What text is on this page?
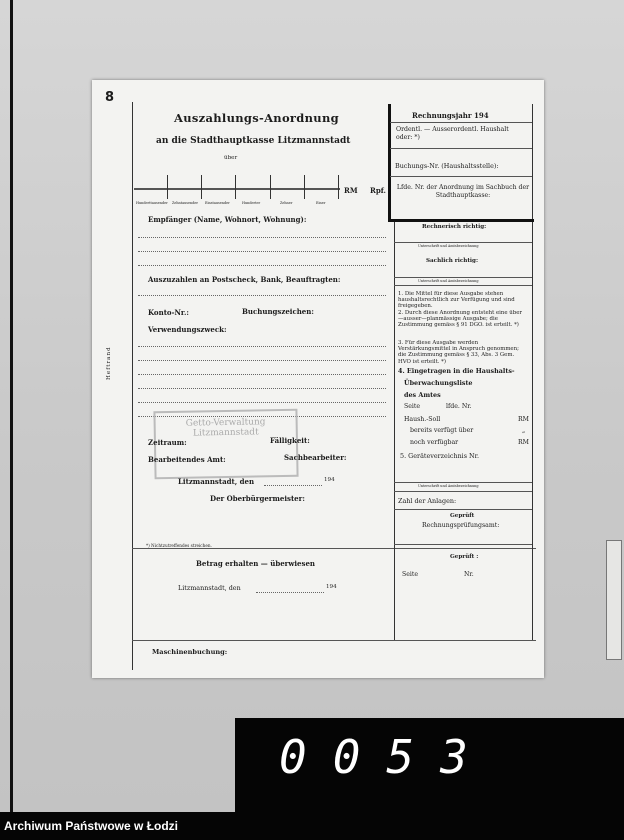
8
Heftrand
Auszahlungs-Anordnung
an die Stadthauptkasse Litzmannstadt
über
Hunderttausender Zehntausender Einstausender	Hunderter	Zehner	Einer
RM Rpf.
Empfänger (Name, Wohnort, Wohnung):
Auszuzahlen an Postscheck, Bank, Beauftragten:
Konto-Nr.:	Buchungszeichen:
Verwendungszweck:
Getto-Verwaltung
Litzmannstadt
Zeitraum:	Fälligkeit:
Bearbeitendes Amt:	Sachbearbeiter:
Litzmannstadt, den	194
Der Oberbürgermeister:
*) Nichtzutreffendes streichen.
Betrag erhalten — überwiesen
Litzmannstadt, den	194
Maschinenbuchung:
Rechnungsjahr 194
Ordentl. — Ausserordentl. Haushalt oder: *)
Buchungs-Nr. (Haushaltsstelle):
Lfde. Nr. der Anordnung im Sachbuch der Stadthauptkasse:
Rechnerisch richtig:
Unterschrift und Amtsbezeichnung
Sachlich richtig:
Unterschrift und Amtsbezeichnung
1. Die Mittel für diese Ausgabe stehen haushaltsrechtlich zur Verfügung und sind freigegeben.
2. Durch diese Anordnung entsteht eine über—ausser—planmässige Ausgabe; die Zustimmung gemäss § 91 DGO. ist erteilt. *)
3. Für diese Ausgabe werden Verstärkungsmittel in Anspruch genommen; die Zustimmung gemäss § 33, Abs. 3 Gem. HVO ist erteilt. *)
4. Eingetragen in die Haushalts-
Überwachungsliste
des Amtes
Seite	lfde. Nr.
Haush.-Soll	RM
bereits verfügt über	„
noch verfügbar	RM
5. Geräteverzeichnis Nr.
Unterschrift und Amtsbezeichnung
Zahl der Anlagen:
Geprüft
Rechnungsprüfungsamt:
Geprüft :
Seite	Nr.
0053
Archiwum Państwowe w Łodzi
